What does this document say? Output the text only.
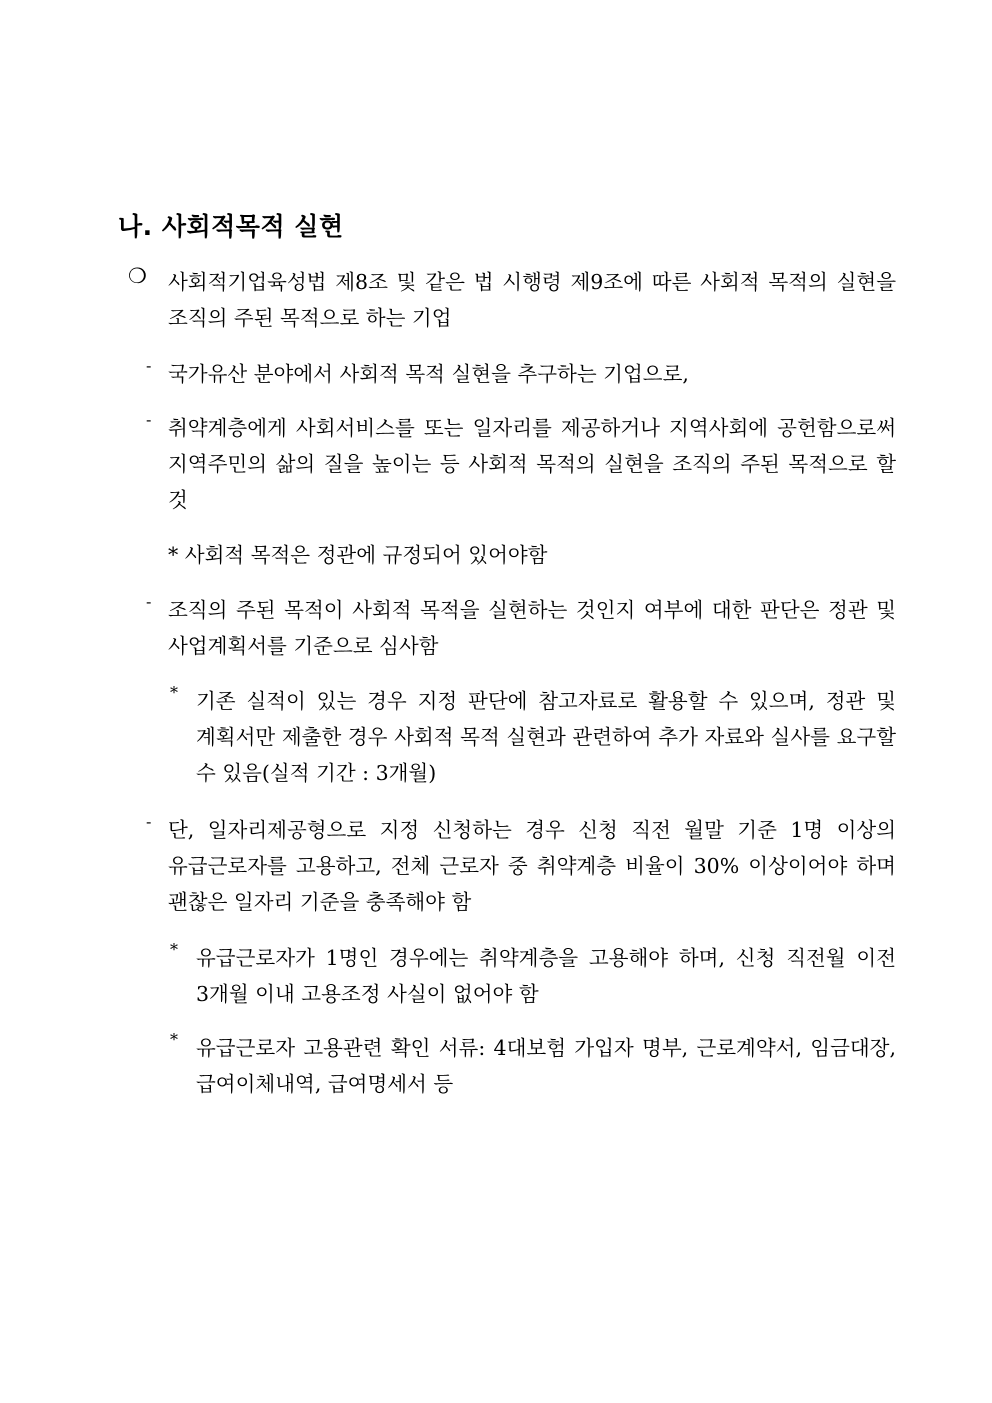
나. 사회적목적 실현
❍ 사회적기업육성법 제8조 및 같은 법 시행령 제9조에 따른 사회적 목적의 실현을 조직의 주된 목적으로 하는 기업
- 국가유산 분야에서 사회적 목적 실현을 추구하는 기업으로,
- 취약계층에게 사회서비스를 또는 일자리를 제공하거나 지역사회에 공헌함으로써 지역주민의 삶의 질을 높이는 등 사회적 목적의 실현을 조직의 주된 목적으로 할 것
* 사회적 목적은 정관에 규정되어 있어야함
- 조직의 주된 목적이 사회적 목적을 실현하는 것인지 여부에 대한 판단은 정관 및 사업계획서를 기준으로 심사함
* 기존 실적이 있는 경우 지정 판단에 참고자료로 활용할 수 있으며, 정관 및 계획서만 제출한 경우 사회적 목적 실현과 관련하여 추가 자료와 실사를 요구할 수 있음(실적 기간 : 3개월)
- 단, 일자리제공형으로 지정 신청하는 경우 신청 직전 월말 기준 1명 이상의 유급근로자를 고용하고, 전체 근로자 중 취약계층 비율이 30% 이상이어야 하며 괜찮은 일자리 기준을 충족해야 함
* 유급근로자가 1명인 경우에는 취약계층을 고용해야 하며, 신청 직전월 이전 3개월 이내 고용조정 사실이 없어야 함
* 유급근로자 고용관련 확인 서류: 4대보험 가입자 명부, 근로계약서, 임금대장, 급여이체내역, 급여명세서 등
